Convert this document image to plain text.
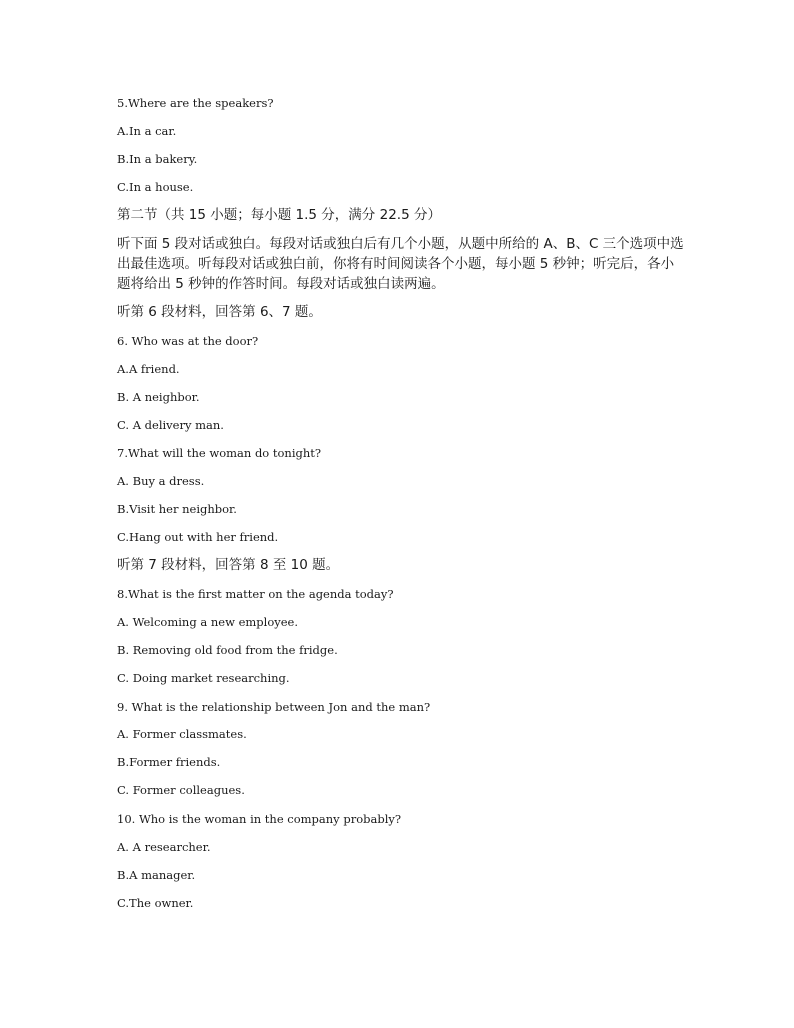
5.Where are the speakers?
A.In a car.
B.In a bakery.
C.In a house.
第二节（共 15 小题；每小题 1.5 分，满分 22.5 分）
听下面 5 段对话或独白。每段对话或独白后有几个小题，从题中所给的 A、B、C 三个选项中选
出最佳选项。听每段对话或独白前，你将有时间阅读各个小题，每小题 5 秒钟；听完后，各小
题将给出 5 秒钟的作答时间。每段对话或独白读两遍。
听第 6 段材料，回答第 6、7 题。
6. Who was at the door?
A.A friend.
B. A neighbor.
C. A delivery man.
7.What will the woman do tonight?
A. Buy a dress.
B.Visit her neighbor.
C.Hang out with her friend.
听第 7 段材料，回答第 8 至 10 题。
8.What is the first matter on the agenda today?
A. Welcoming a new employee.
B. Removing old food from the fridge.
C. Doing market researching.
9. What is the relationship between Jon and the man?
A. Former classmates.
B.Former friends.
C. Former colleagues.
10. Who is the woman in the company probably?
A. A researcher.
B.A manager.
C.The owner.
